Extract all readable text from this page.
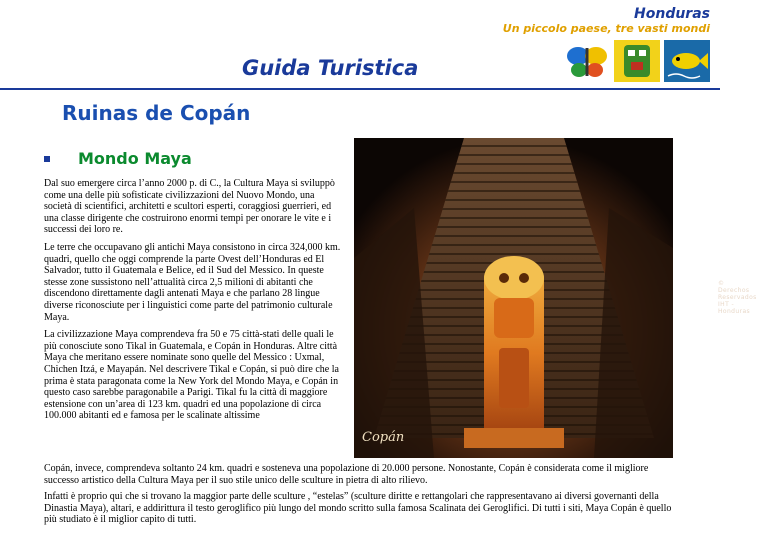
Honduras
Un piccolo paese, tre vasti mondi
Guida Turistica
Ruinas de Copán
Mondo Maya

Dal suo emergere circa l’anno 2000 p. di C., la Cultura Maya si sviluppò come una delle più sofisticate civilizzazioni del Nuovo Mondo, una società di scientifici, architetti e scultori esperti, coraggiosi guerrieri, ed una classe dirigente che costruirono enormi tempi per onorare le vite e i successi dei loro re.

Le terre che occupavano gli antichi Maya consistono in circa 324,000 km. quadri, quello che oggi comprende la parte Ovest dell’Honduras ed El Salvador, tutto il Guatemala e Belice, ed il Sud del Messico. In queste stesse zone sussistono nell’attualità circa 2,5 milioni di abitanti che discendono direttamente dagli antenati Maya e che parlano 28 lingue diverse riconosciute per i linguistici come parte del patrimonio culturale Maya.

La civilizzazione Maya comprendeva fra 50 e 75 città-stati delle quali le più conosciute sono Tikal in Guatemala, e Copán in Honduras. Altre città Maya che meritano essere nominate sono quelle del Messico : Uxmal, Chichen Itzá, e Mayapán. Nel descrivere Tikal e Copán, si può dire che la prima è stata paragonata come la New York del Mondo Maya, e Copán in questo caso sarebbe paragonabile a Parigi. Tikal fu la città di maggiore estensione con un’area di 123 km. quadri ed una popolazione di circa 100.000 abitanti ed e famosa per le scalinate altissime

© Derechos Reservados IHT - Honduras
Copán

Copán, invece, comprendeva soltanto 24 km. quadri e sosteneva una popolazione di 20.000 persone. Nonostante, Copán è considerata come il migliore successo artistico della Cultura Maya per il suo stile unico delle sculture in pietra di alto rilievo.

Infatti è proprio qui che si trovano la maggior parte delle sculture , “estelas” (sculture diritte e rettangolari che rappresentavano ai diversi governanti della Dinastia Maya), altari, e addirittura il testo geroglifico più lungo del mondo scritto sulla famosa Scalinata dei Geroglifici. Di tutti i siti, Maya Copán è quello più studiato è il miglior capito di tutti.
